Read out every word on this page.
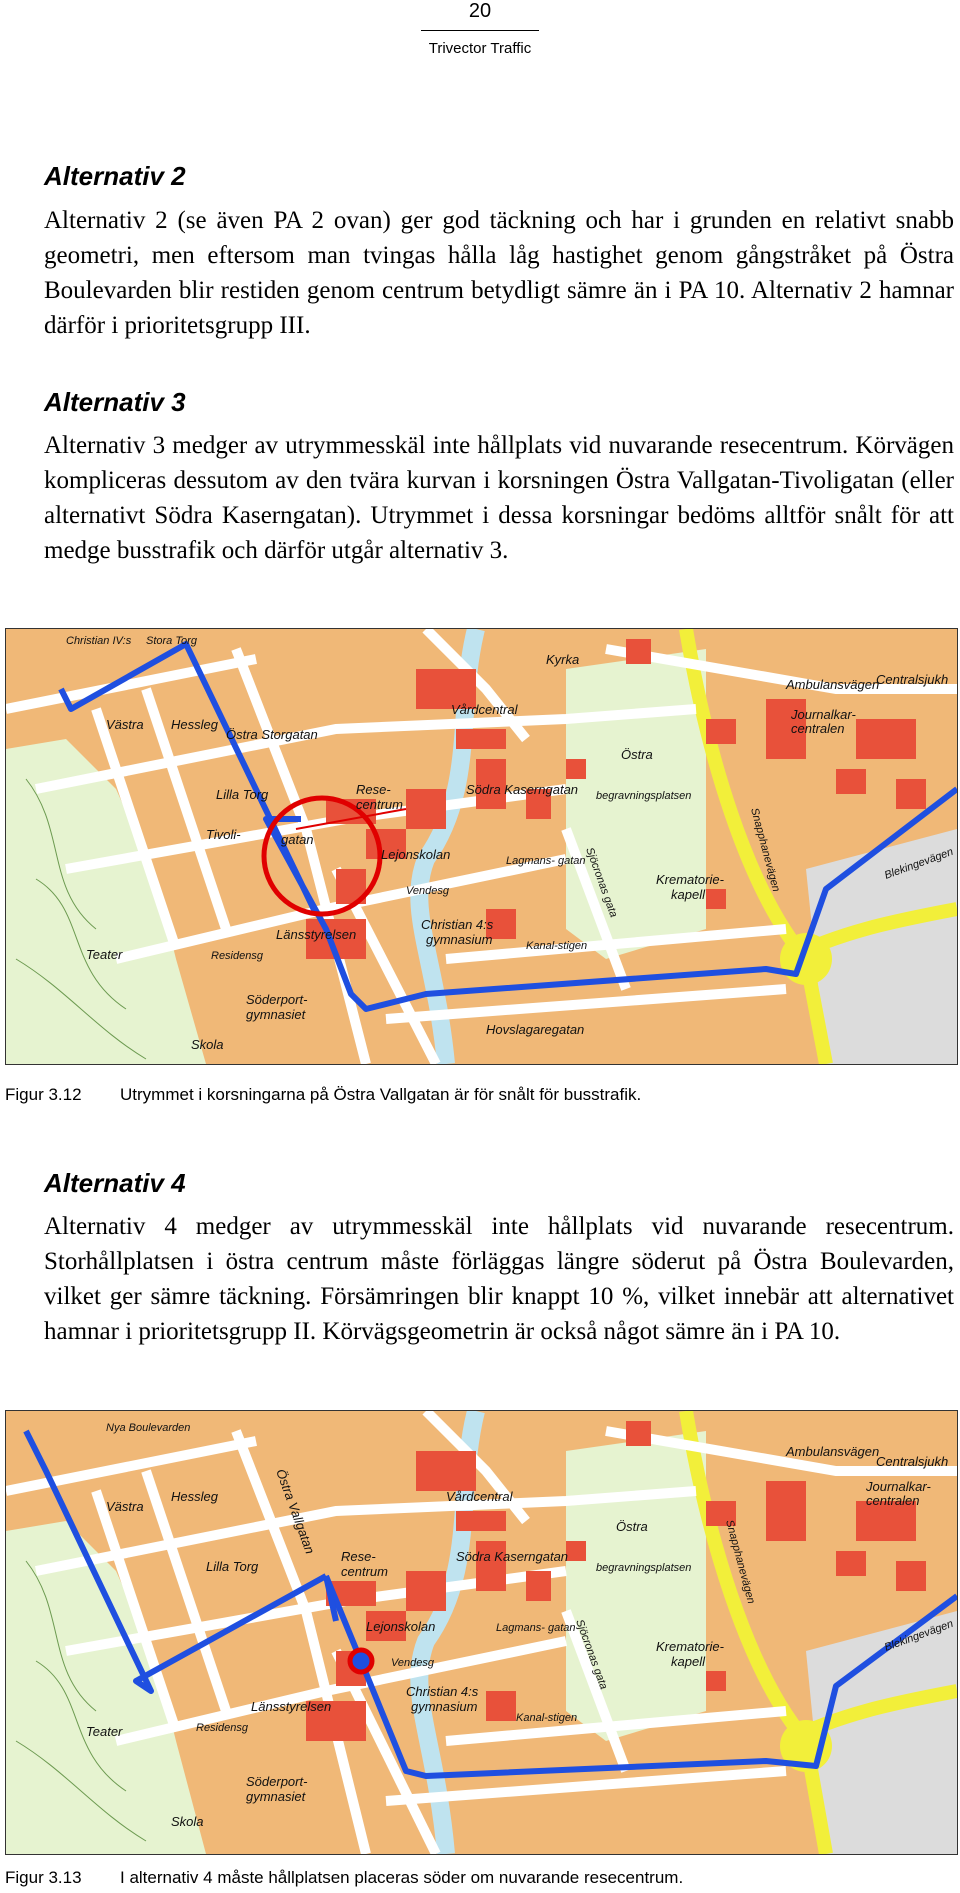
20
Trivector Traffic
Alternativ 2

Alternativ 2 (se även PA 2 ovan) ger god täckning och har i grunden en relativt snabb geometri, men eftersom man tvingas hålla låg hastighet genom gångstråket på Östra Boulevarden blir restiden genom centrum betydligt sämre än i PA 10. Alternativ 2 hamnar därför i prioritetsgrupp III.

Alternativ 3

Alternativ 3 medger av utrymmesskäl inte hållplats vid nuvarande resecentrum. Körvägen kompliceras dessutom av den tvära kurvan i korsningen Östra Vallgatan-Tivoligatan (eller alternativt Södra Kaserngatan). Utrymmet i dessa korsningar bedöms alltför snålt för att medge busstrafik och därför utgår alternativ 3.

Kyrka
Ambulansvägen
Centralsjukh
Journalkar-
centralen
Vårdcentral
Södra Kaserngatan
Östra
begravningsplatsen
Rese-
centrum
Lejonskolan
Krematorie-
kapell
Hessleg
Västra
Östra Storgatan
Lilla Torg
Tivoli-	gatan
Teater
Länsstyrelsen
Christian 4:s
gymnasium
Söderport-
gymnasiet
Skola
Hovslagaregatan
Christian IV:s Stora Torg
Kanal-stigen
Residensg
Vendesg	Snapphanevägen	Blekingevägen
Lagmans- gatan
Sjöcronas gata
Figur 3.12 Utrymmet i korsningarna på Östra Vallgatan är för snålt för busstrafik.
Alternativ 4

Alternativ 4 medger av utrymmesskäl inte hållplats vid nuvarande resecentrum. Storhållplatsen i östra centrum måste förläggas längre söderut på Östra Boulevarden, vilket ger sämre täckning. Försämringen blir knappt 10 %, vilket innebär att alternativet hamnar i prioritetsgrupp II. Körvägsgeometrin är också något sämre än i PA 10.

Nya Boulevarden
Ambulansvägen
Centralsjukh
Journalkar-
centralen
Vårdcentral
Södra Kaserngatan
Östra
begravningsplatsen
Rese-
centrum
Lejonskolan
Krematorie-
kapell
Hessleg
Västra	Östra Vallgatan
Lilla Torg
Teater
Länsstyrelsen
Christian 4:s
gymnasium
Söderport-
gymnasiet
Skola
Residensg
Vendesg
Snapphanevägen
Blekingevägen
Kanal-stigen
Lagmans- gatan
Sjöcronas gata
Figur 3.13 I alternativ 4 måste hållplatsen placeras söder om nuvarande resecentrum.
